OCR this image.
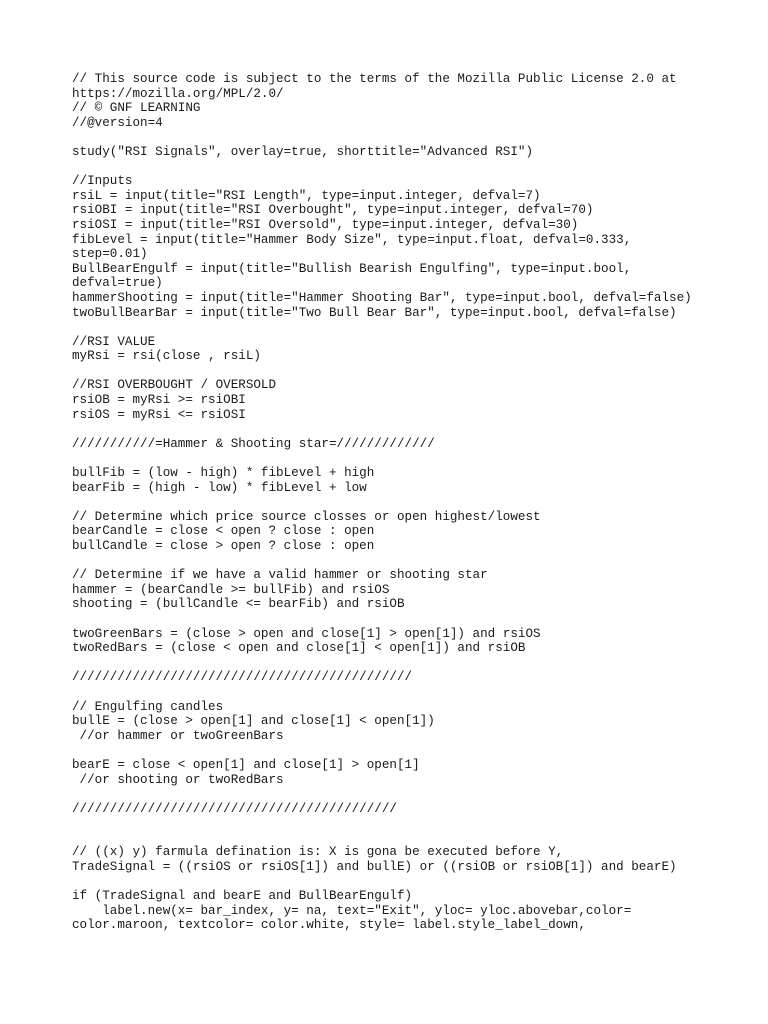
// This source code is subject to the terms of the Mozilla Public License 2.0 at
https://mozilla.org/MPL/2.0/
// © GNF LEARNING
//@version=4
study("RSI Signals", overlay=true, shorttitle="Advanced RSI")
//Inputs
rsiL = input(title="RSI Length", type=input.integer, defval=7)
rsiOBI = input(title="RSI Overbought", type=input.integer, defval=70)
rsiOSI = input(title="RSI Oversold", type=input.integer, defval=30)
fibLevel = input(title="Hammer Body Size", type=input.float, defval=0.333,
step=0.01)
BullBearEngulf = input(title="Bullish Bearish Engulfing", type=input.bool,
defval=true)
hammerShooting = input(title="Hammer Shooting Bar", type=input.bool, defval=false)
twoBullBearBar = input(title="Two Bull Bear Bar", type=input.bool, defval=false)
//RSI VALUE
myRsi = rsi(close , rsiL)
//RSI OVERBOUGHT / OVERSOLD
rsiOB = myRsi >= rsiOBI
rsiOS = myRsi <= rsiOSI
///////////=Hammer & Shooting star=/////////////
bullFib = (low - high) * fibLevel + high
bearFib = (high - low) * fibLevel + low
// Determine which price source closses or open highest/lowest
bearCandle = close < open ? close : open
bullCandle = close > open ? close : open
// Determine if we have a valid hammer or shooting star
hammer = (bearCandle >= bullFib) and rsiOS
shooting = (bullCandle <= bearFib) and rsiOB
twoGreenBars = (close > open and close[1] > open[1]) and rsiOS
twoRedBars = (close < open and close[1] < open[1]) and rsiOB
/////////////////////////////////////////////
// Engulfing candles
bullE = (close > open[1] and close[1] < open[1])
//or hammer or twoGreenBars
bearE = close < open[1] and close[1] > open[1]
//or shooting or twoRedBars
///////////////////////////////////////////
// ((x) y) farmula defination is: X is gona be executed before Y,
TradeSignal = ((rsiOS or rsiOS[1]) and bullE) or ((rsiOB or rsiOB[1]) and bearE)
if (TradeSignal and bearE and BullBearEngulf)
label.new(x= bar_index, y= na, text="Exit", yloc= yloc.abovebar,color=
color.maroon, textcolor= color.white, style= label.style_label_down,
